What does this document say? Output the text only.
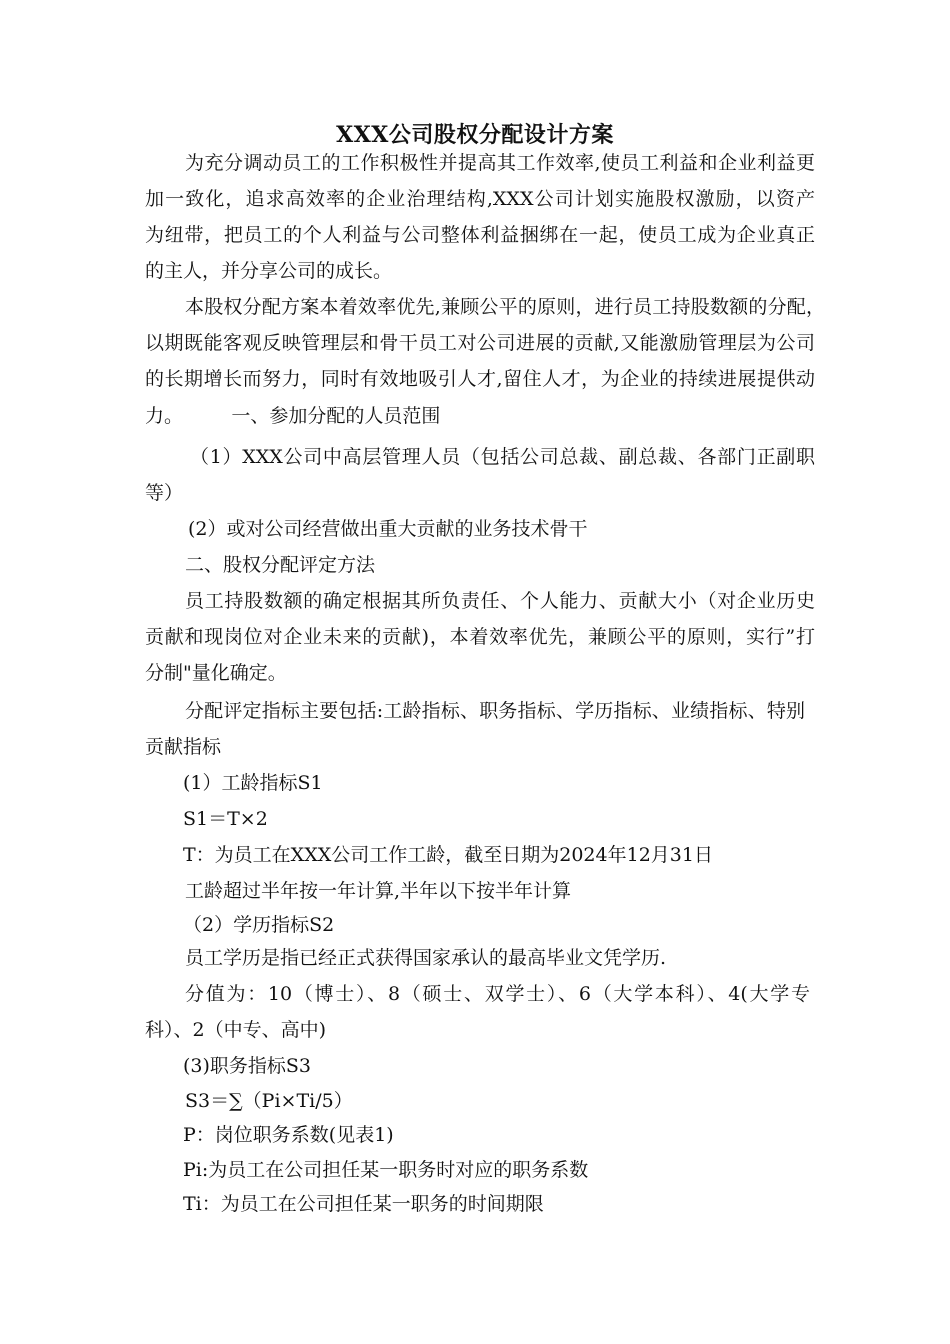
XXX公司股权分配设计方案
为充分调动员工的工作积极性并提高其工作效率,使员工利益和企业利益更
加一致化，追求高效率的企业治理结构,XXX公司计划实施股权激励，以资产
为纽带，把员工的个人利益与公司整体利益捆绑在一起，使员工成为企业真正
的主人，并分享公司的成长。
本股权分配方案本着效率优先,兼顾公平的原则，进行员工持股数额的分配，
以期既能客观反映管理层和骨干员工对公司进展的贡献,又能激励管理层为公司
的长期增长而努力，同时有效地吸引人才,留住人才，为企业的持续进展提供动
力。        一、参加分配的人员范围
（1）XXX公司中高层管理人员（包括公司总裁、副总裁、各部门正副职
等）
(2）或对公司经营做出重大贡献的业务技术骨干
二、股权分配评定方法
员工持股数额的确定根据其所负责任、个人能力、贡献大小（对企业历史
贡献和现岗位对企业未来的贡献)，本着效率优先，兼顾公平的原则，实行”打
分制"量化确定。
分配评定指标主要包括:工龄指标、职务指标、学历指标、业绩指标、特别
贡献指标
(1）工龄指标S1
S1＝T×2
T：为员工在XXX公司工作工龄，截至日期为2024年12月31日
工龄超过半年按一年计算,半年以下按半年计算
（2）学历指标S2
员工学历是指已经正式获得国家承认的最高毕业文凭学历.
分值为：10（博士）、8（硕士、双学士）、6（大学本科）、4(大学专
科）、2（中专、高中)
(3)职务指标S3
S3＝∑（Pi×Ti/5）
P：岗位职务系数(见表1)
Pi:为员工在公司担任某一职务时对应的职务系数
Ti：为员工在公司担任某一职务的时间期限
